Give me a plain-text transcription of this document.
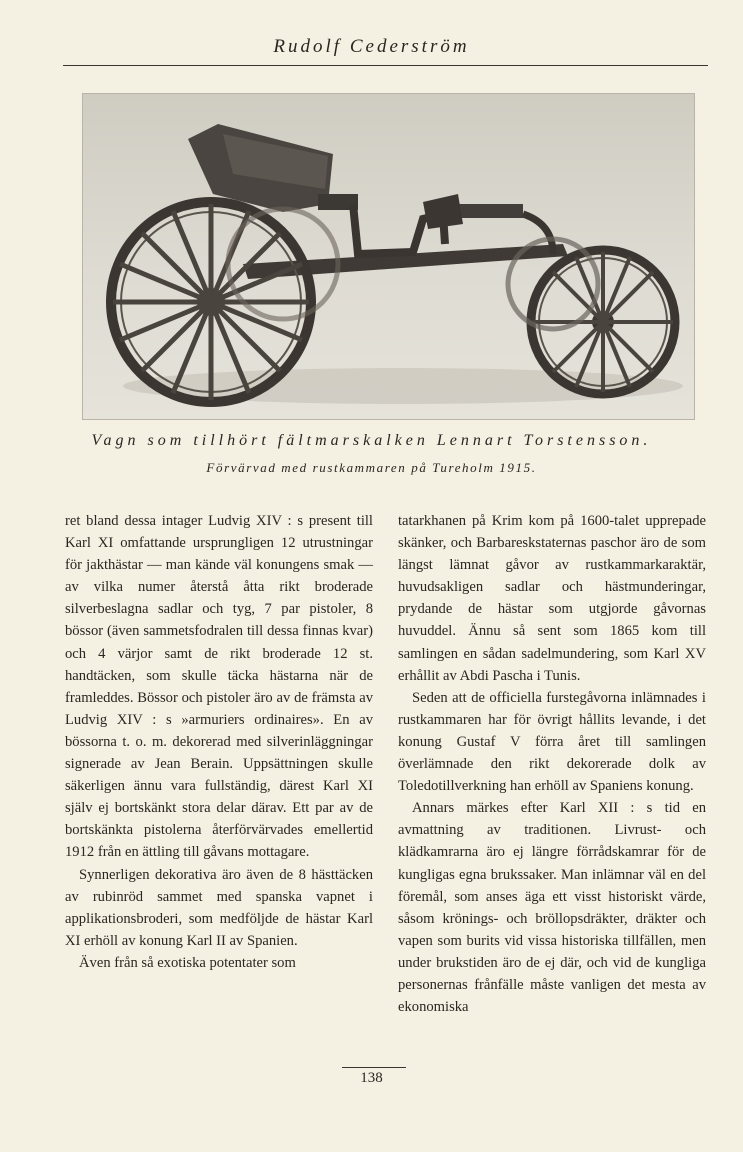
Rudolf Cederström
Vagn som tillhört fältmarskalken Lennart Torstensson.
Förvärvad med rustkammaren på Tureholm 1915.

ret bland dessa intager Ludvig XIV : s present till Karl XI omfattande ursprungligen 12 utrustningar för jakthästar — man kände väl konungens smak — av vilka numer återstå åtta rikt broderade silverbeslagna sadlar och tyg, 7 par pistoler, 8 bössor (även sammetsfodralen till dessa finnas kvar) och 4 värjor samt de rikt broderade 12 st. handtäcken, som skulle täcka hästarna när de framleddes. Bössor och pistoler äro av de främsta av Ludvig XIV : s »armuriers ordinaires». En av bössorna t. o. m. dekorerad med silverinläggningar signerade av Jean Berain. Uppsättningen skulle säkerligen ännu vara fullständig, därest Karl XI själv ej bortskänkt stora delar därav. Ett par av de bortskänkta pistolerna återförvärvades emellertid 1912 från en ättling till gåvans mottagare.

Synnerligen dekorativa äro även de 8 hästtäcken av rubinröd sammet med spanska vapnet i applikationsbroderi, som medföljde de hästar Karl XI erhöll av konung Karl II av Spanien.

Även från så exotiska potentater som

tatarkhanen på Krim kom på 1600-talet upprepade skänker, och Barbareskstaternas paschor äro de som längst lämnat gåvor av rustkammarkaraktär, huvudsakligen sadlar och hästmunderingar, prydande de hästar som utgjorde gåvornas huvuddel. Ännu så sent som 1865 kom till samlingen en sådan sadelmundering, som Karl XV erhållit av Abdi Pascha i Tunis.

Seden att de officiella furstegåvorna inlämnades i rustkammaren har för övrigt hållits levande, i det konung Gustaf V förra året till samlingen överlämnade den rikt dekorerade dolk av Toledotillverkning han erhöll av Spaniens konung.

Annars märkes efter Karl XII : s tid en avmattning av traditionen. Livrust- och klädkamrarna äro ej längre förrådskamrar för de kungligas egna brukssaker. Man inlämnar väl en del föremål, som anses äga ett visst historiskt värde, såsom krönings- och bröllopsdräkter, dräkter och vapen som burits vid vissa historiska tillfällen, men under brukstiden äro de ej där, och vid de kungliga personernas frånfälle måste vanligen det mesta av ekonomiska

138
